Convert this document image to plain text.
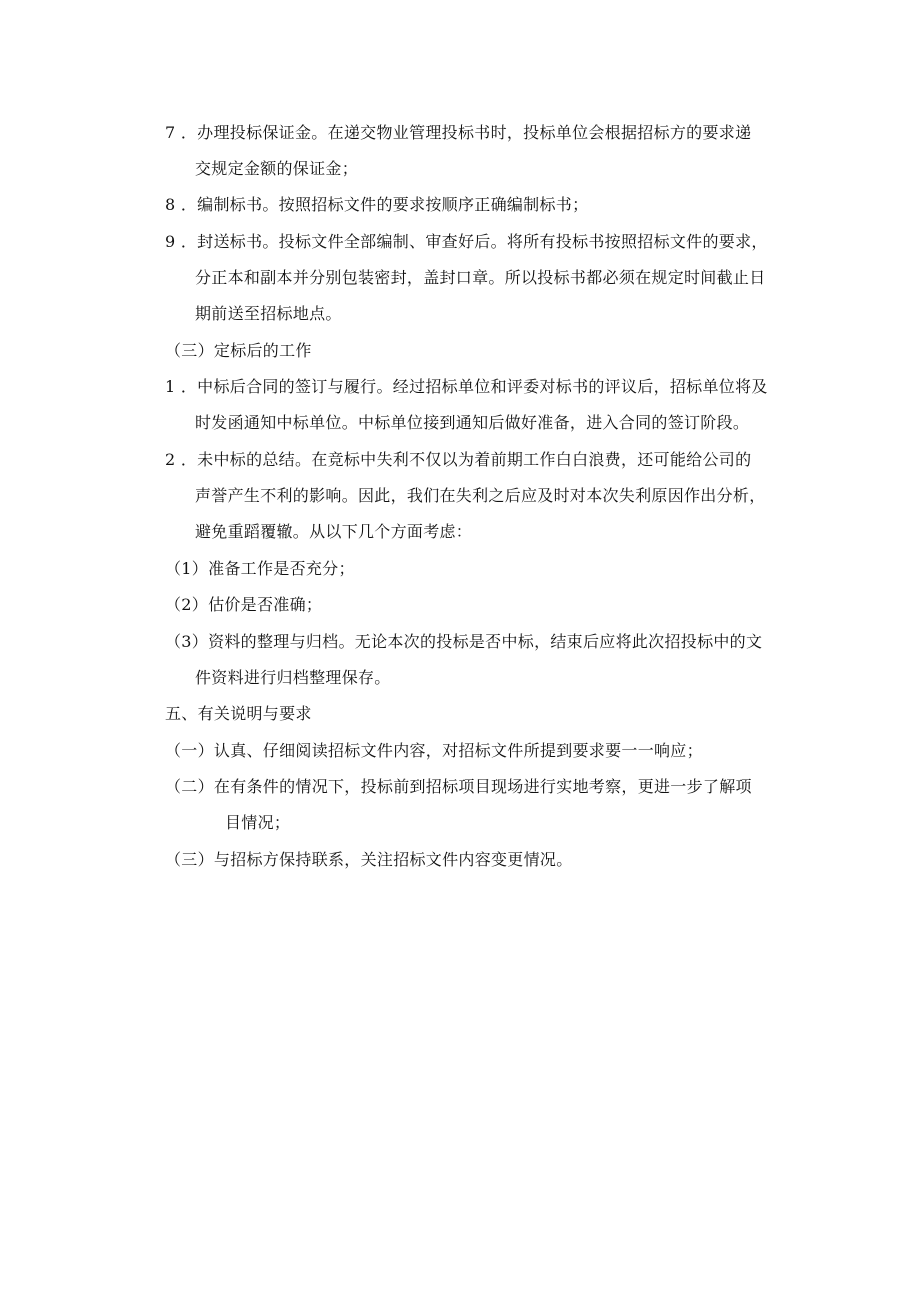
7 ．办理投标保证金。在递交物业管理投标书时，投标单位会根据招标方的要求递
交规定金额的保证金；
8 ．编制标书。按照招标文件的要求按顺序正确编制标书；
9 ．封送标书。投标文件全部编制、审查好后。将所有投标书按照招标文件的要求，
分正本和副本并分别包装密封，盖封口章。所以投标书都必须在规定时间截止日
期前送至招标地点。
（三）定标后的工作
1 ．中标后合同的签订与履行。经过招标单位和评委对标书的评议后，招标单位将及
时发函通知中标单位。中标单位接到通知后做好准备，进入合同的签订阶段。
2 ．未中标的总结。在竞标中失利不仅以为着前期工作白白浪费，还可能给公司的
声誉产生不利的影响。因此，我们在失利之后应及时对本次失利原因作出分析，
避免重蹈覆辙。从以下几个方面考虑：
（1）准备工作是否充分；
（2）估价是否准确；
（3）资料的整理与归档。无论本次的投标是否中标，结束后应将此次招投标中的文
件资料进行归档整理保存。
五、有关说明与要求
（一）认真、仔细阅读招标文件内容，对招标文件所提到要求要一一响应；
（二）在有条件的情况下，投标前到招标项目现场进行实地考察，更进一步了解项
目情况；
（三）与招标方保持联系，关注招标文件内容变更情况。
